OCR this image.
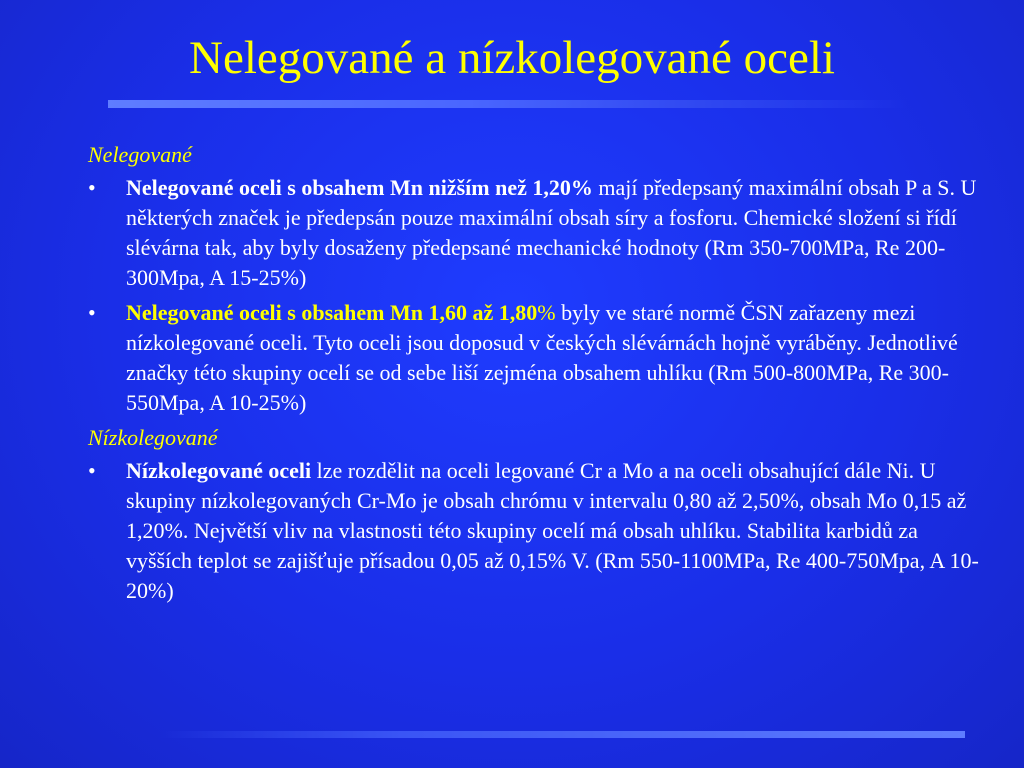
Nelegované a nízkolegované oceli
Nelegované
•	Nelegované oceli s obsahem Mn nižším než 1,20% mají předepsaný maximální obsah P a S. U některých značek je předepsán pouze maximální obsah síry a fosforu. Chemické složení si řídí slévárna tak, aby byly dosaženy předepsané mechanické hodnoty (Rm 350-700MPa, Re 200-300Mpa, A 15-25%)
•	Nelegované oceli s obsahem Mn 1,60 až 1,80% byly ve staré normě ČSN zařazeny mezi nízkolegované oceli. Tyto oceli jsou doposud v českých slévárnách hojně vyráběny. Jednotlivé značky této skupiny ocelí se od sebe liší zejména obsahem uhlíku (Rm 500-800MPa, Re 300-550Mpa, A 10-25%)
Nízkolegované
•	Nízkolegované oceli lze rozdělit na oceli legované Cr a Mo a na oceli obsahující dále Ni. U skupiny nízkolegovaných Cr-Mo je obsah chrómu v intervalu 0,80 až 2,50%, obsah Mo 0,15 až 1,20%. Největší vliv na vlastnosti této skupiny ocelí má obsah uhlíku. Stabilita karbidů za vyšších teplot se zajišťuje přísadou 0,05 až 0,15% V. (Rm 550-1100MPa, Re 400-750Mpa, A 10-20%)
